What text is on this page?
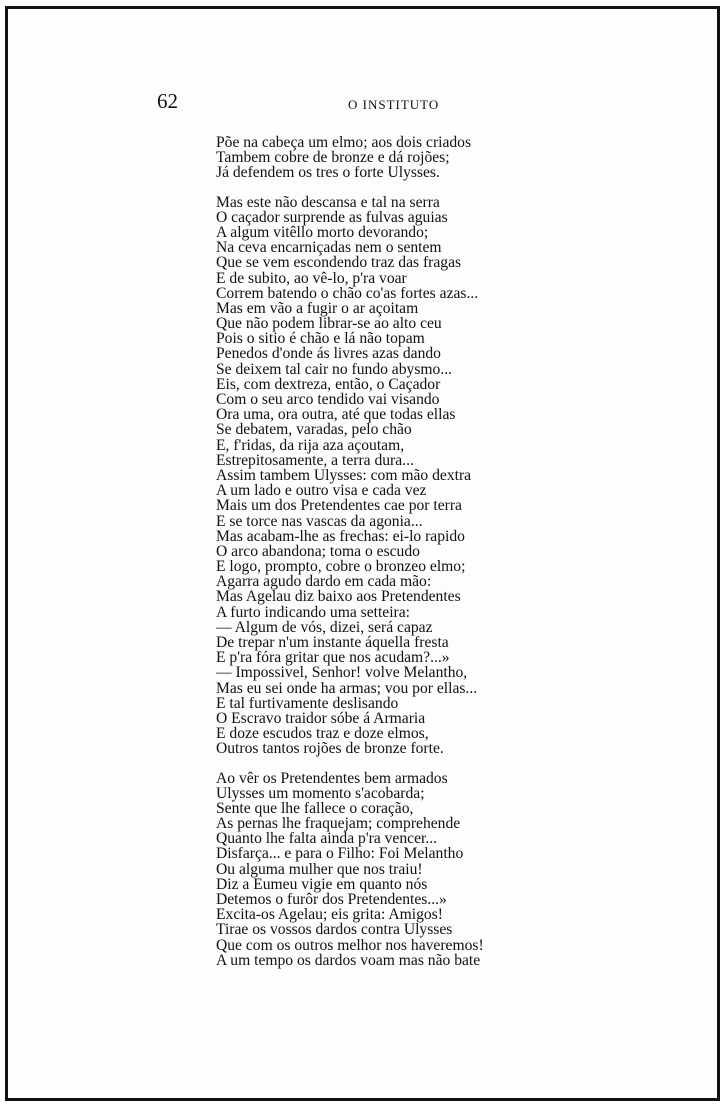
62	O INSTITUTO

Põe na cabeça um elmo; aos dois criados
Tambem cobre de bronze e dá rojões;
Já defendem os tres o forte Ulysses.
Mas este não descansa e tal na serra
O caçador surprende as fulvas aguias
A algum vitêllo morto devorando;
Na ceva encarniçadas nem o sentem
Que se vem escondendo traz das fragas
E de subito, ao vê-lo, p'ra voar
Correm batendo o chão co'as fortes azas...
Mas em vão a fugir o ar açoitam
Que não podem librar-se ao alto ceu
Pois o sitio é chão e lá não topam
Penedos d'onde ás livres azas dando
Se deixem tal cair no fundo abysmo...
Eis, com dextreza, então, o Caçador
Com o seu arco tendido vai visando
Ora uma, ora outra, até que todas ellas
Se debatem, varadas, pelo chão
E, f'ridas, da rija aza açoutam,
Estrepitosamente, a terra dura...
Assim tambem Ulysses: com mão dextra
A um lado e outro visa e cada vez
Mais um dos Pretendentes cae por terra
E se torce nas vascas da agonia...
Mas acabam-lhe as frechas: ei-lo rapido
O arco abandona; toma o escudo
E logo, prompto, cobre o bronzeo elmo;
Agarra agudo dardo em cada mão:
Mas Agelau diz baixo aos Pretendentes
A furto indicando uma setteira:
— Algum de vós, dizei, será capaz
De trepar n'um instante áquella fresta
E p'ra fóra gritar que nos acudam?...»
— Impossivel, Senhor! volve Melantho,
Mas eu sei onde ha armas; vou por ellas...
E tal furtivamente deslisando
O Escravo traidor sóbe á Armaria
E doze escudos traz e doze elmos,
Outros tantos rojões de bronze forte.
Ao vêr os Pretendentes bem armados
Ulysses um momento s'acobarda;
Sente que lhe fallece o coração,
As pernas lhe fraquejam; comprehende
Quanto lhe falta ainda p'ra vencer...
Disfarça... e para o Filho: Foi Melantho
Ou alguma mulher que nos traiu!
Diz a Eumeu vigie em quanto nós
Detemos o furôr dos Pretendentes...»
Excita-os Agelau; eis grita: Amigos!
Tirae os vossos dardos contra Ulysses
Que com os outros melhor nos haveremos!
A um tempo os dardos voam mas não bate
